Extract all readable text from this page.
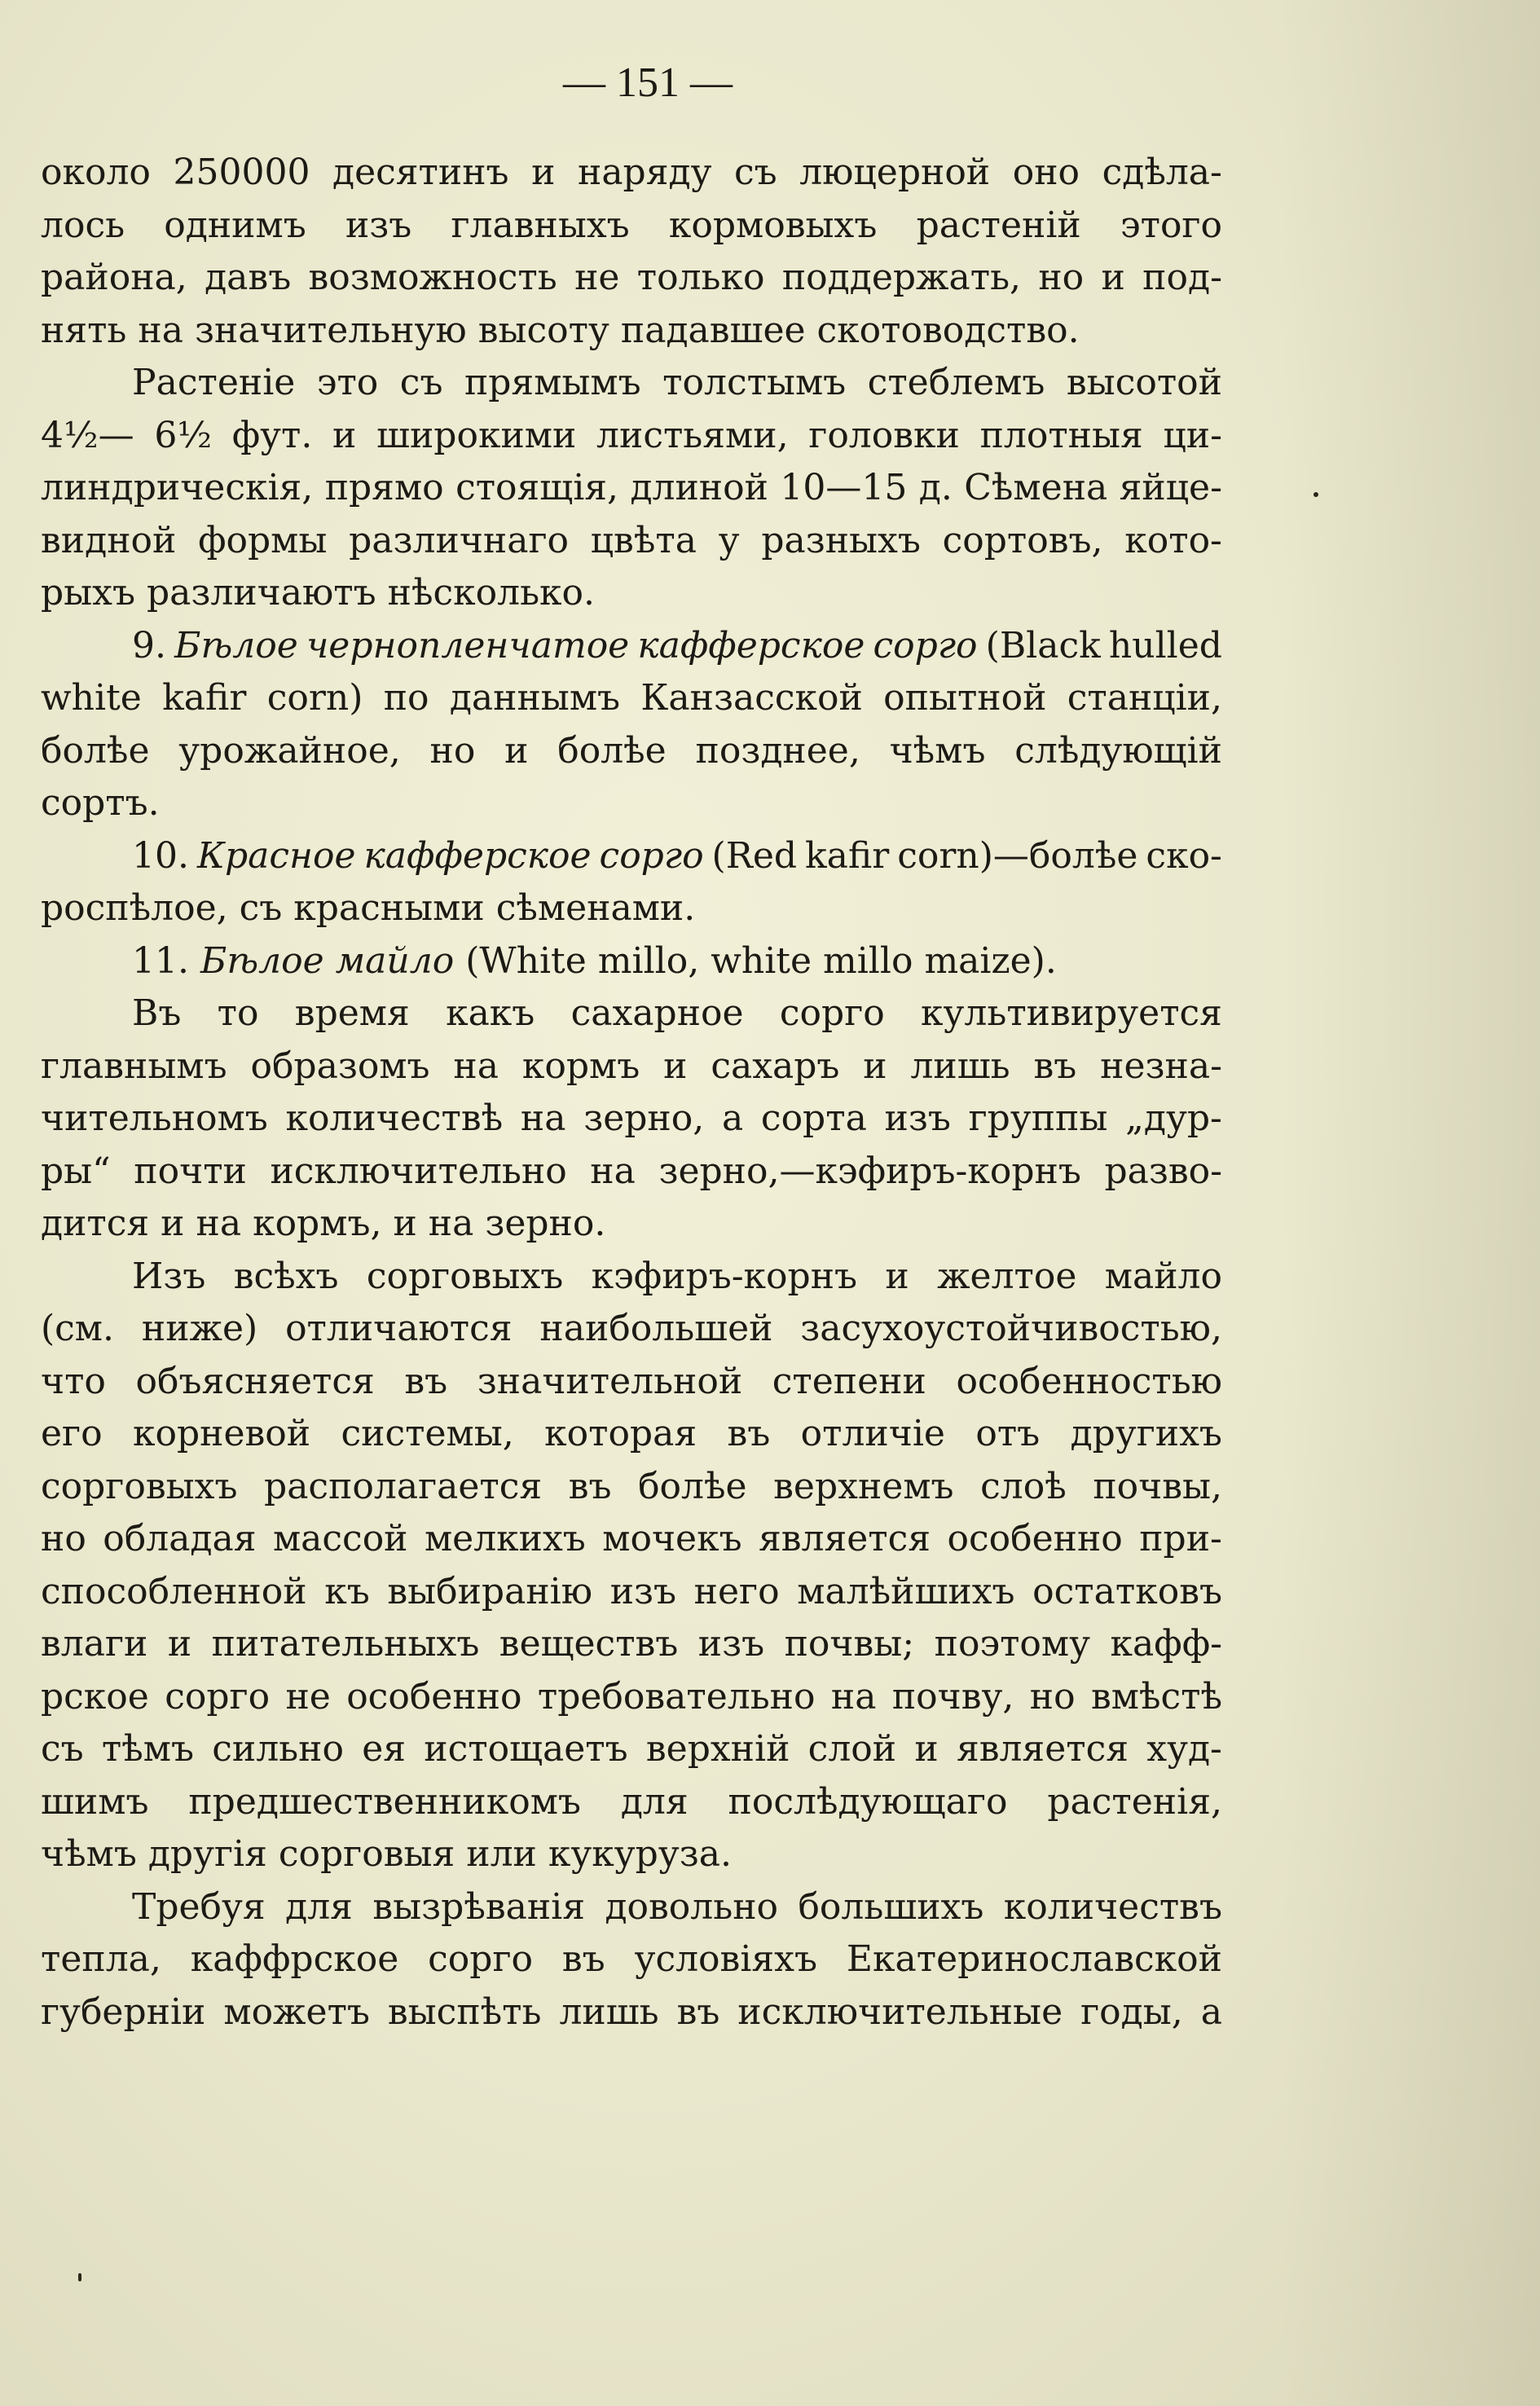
— 151 —
около 250000 десятинъ и наряду съ люцерной оно сдѣла-
лось однимъ изъ главныхъ кормовыхъ растеній этого
района, давъ возможность не только поддержать, но и под-
нять
на
значительную
высоту
падавшее
скотоводство.
Растеніе это съ прямымъ толстымъ стеблемъ высотой
4½— 6½ фут. и широкими листьями, головки плотныя ци-
линдрическія, прямо стоящія, длиной 10—15 д. Сѣмена яйце-
видной формы различнаго цвѣта у разныхъ сортовъ, кото-
рыхъ
различаютъ
нѣсколько.
9. Бѣлое чернопленчатое кафферское сорго (Black hulled
white kafir corn) по даннымъ Канзасской опытной станціи,
болѣе урожайное, но и болѣе позднее, чѣмъ слѣдующій
сортъ.
10. Красное кафферское сорго (Red kafir corn)—болѣе ско-
роспѣлое,
съ
красными
сѣменами.
11.
Бѣлое
майло
(White
millo,
white
millo
maize).
Въ то время какъ сахарное сорго культивируется
главнымъ образомъ на кормъ и сахаръ и лишь въ незна-
чительномъ количествѣ на зерно, а сорта изъ группы „дур-
ры“ почти исключительно на зерно,—кэфиръ-корнъ разво-
дится
и
на
кормъ,
и
на
зерно.
Изъ всѣхъ сорговыхъ кэфиръ-корнъ и желтое майло
(см. ниже) отличаются наибольшей засухоустойчивостью,
что объясняется въ значительной степени особенностью
его корневой системы, которая въ отличіе отъ другихъ
сорговыхъ располагается въ болѣе верхнемъ слоѣ почвы,
но обладая массой мелкихъ мочекъ является особенно при-
способленной къ выбиранію изъ него малѣйшихъ остатковъ
влаги и питательныхъ веществъ изъ почвы; поэтому кафф-
рское сорго не особенно требовательно на почву, но вмѣстѣ
съ тѣмъ сильно ея истощаетъ верхній слой и является худ-
шимъ предшественникомъ для послѣдующаго растенія,
чѣмъ
другія
сорговыя
или
кукуруза.
Требуя для вызрѣванія довольно большихъ количествъ
тепла, каффрское сорго въ условіяхъ Екатеринославской
губерніи можетъ выспѣть лишь въ исключительные годы, а
